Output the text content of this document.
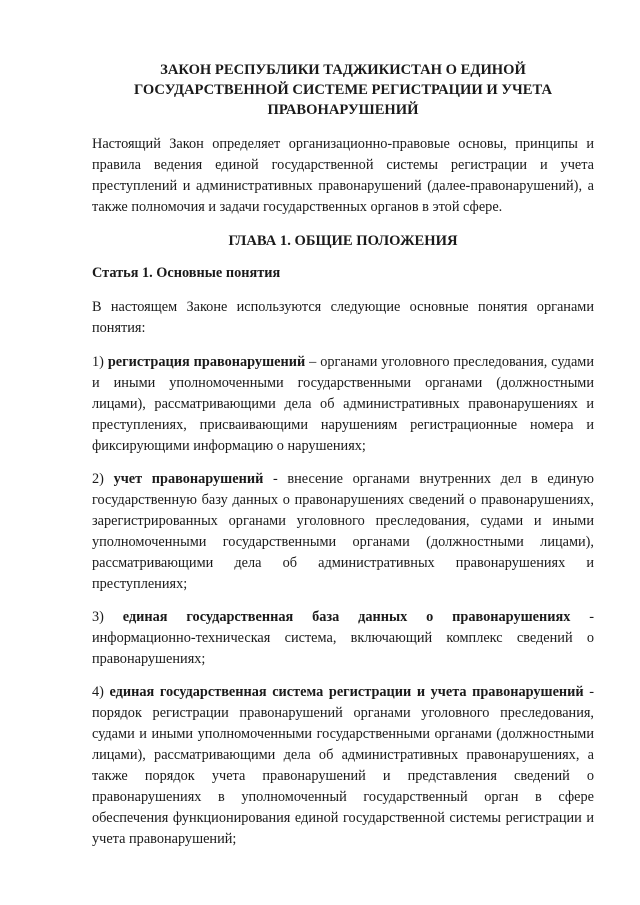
ЗАКОН РЕСПУБЛИКИ ТАДЖИКИСТАН О ЕДИНОЙ ГОСУДАРСТВЕННОЙ СИСТЕМЕ РЕГИСТРАЦИИ И УЧЕТА ПРАВОНАРУШЕНИЙ

Настоящий Закон определяет организационно-правовые основы, принципы и правила ведения единой государственной системы регистрации и учета преступлений и административных правонарушений (далее-правонарушений), а также полномочия и задачи государственных органов в этой сфере.

ГЛАВА 1. ОБЩИЕ ПОЛОЖЕНИЯ
Статья 1. Основные понятия

В настоящем Законе используются следующие основные понятия органами понятия:

1) регистрация правонарушений – органами уголовного преследования, судами и иными уполномоченными государственными органами (должностными лицами), рассматривающими дела об административных правонарушениях и преступлениях, присваивающими нарушениям регистрационные номера и фиксирующими информацию о нарушениях;

2) учет правонарушений - внесение органами внутренних дел в единую государственную базу данных о правонарушениях сведений о правонарушениях, зарегистрированных органами уголовного преследования, судами и иными уполномоченными государственными органами (должностными лицами), рассматривающими дела об административных правонарушениях и преступлениях;

3) единая государственная база данных о правонарушениях - информационно-техническая система, включающий комплекс сведений о правонарушениях;

4) единая государственная система регистрации и учета правонарушений - порядок регистрации правонарушений органами уголовного преследования, судами и иными уполномоченными государственными органами (должностными лицами), рассматривающими дела об административных правонарушениях, а также порядок учета правонарушений и представления сведений о правонарушениях в уполномоченный государственный орган в сфере обеспечения функционирования единой государственной системы регистрации и учета правонарушений;
